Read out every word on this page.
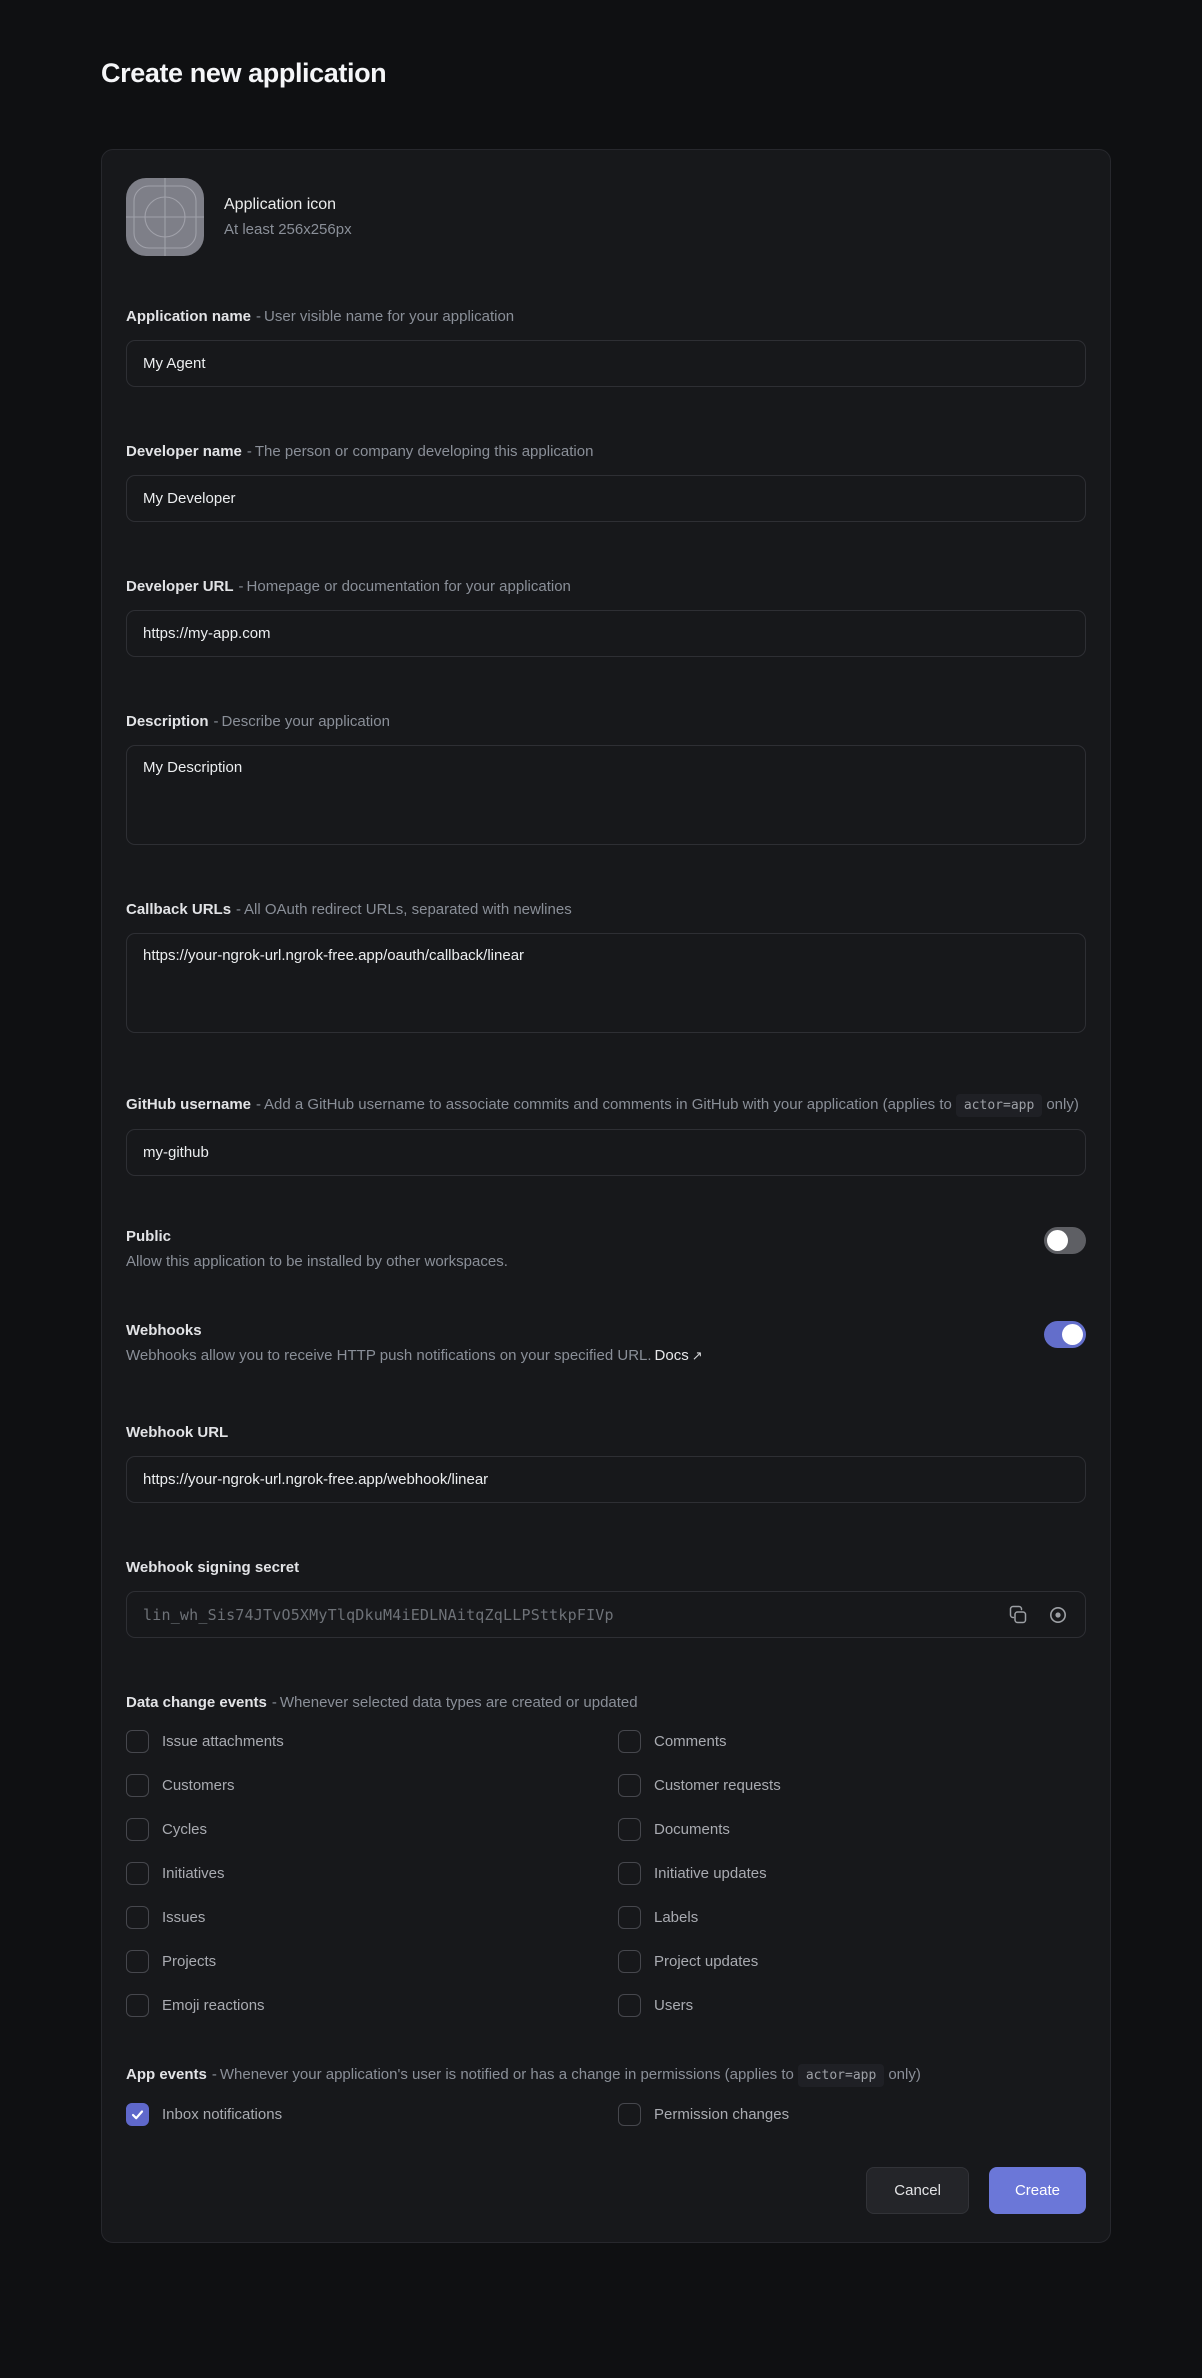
Create new application
Application icon
At least 256x256px
Application name - User visible name for your application
My Agent
Developer name - The person or company developing this application
My Developer
Developer URL - Homepage or documentation for your application
https://my-app.com
Description - Describe your application
My Description
Callback URLs - All OAuth redirect URLs, separated with newlines
https://your-ngrok-url.ngrok-free.app/oauth/callback/linear
GitHub username - Add a GitHub username to associate commits and comments in GitHub with your application (applies to actor=app only)
my-github
Public
Allow this application to be installed by other workspaces.
Webhooks
Webhooks allow you to receive HTTP push notifications on your specified URL. Docs ↗
Webhook URL
https://your-ngrok-url.ngrok-free.app/webhook/linear
Webhook signing secret
lin_wh_Sis74JTvO5XMyTlqDkuM4iEDLNAitqZqLLPSttkpFIVp
Data change events - Whenever selected data types are created or updated
Issue attachments	Comments
Customers	Customer requests
Cycles	Documents
Initiatives	Initiative updates
Issues	Labels
Projects	Project updates
Emoji reactions	Users
App events - Whenever your application's user is notified or has a change in permissions (applies to actor=app only)
Inbox notifications	Permission changes
Cancel	Create
